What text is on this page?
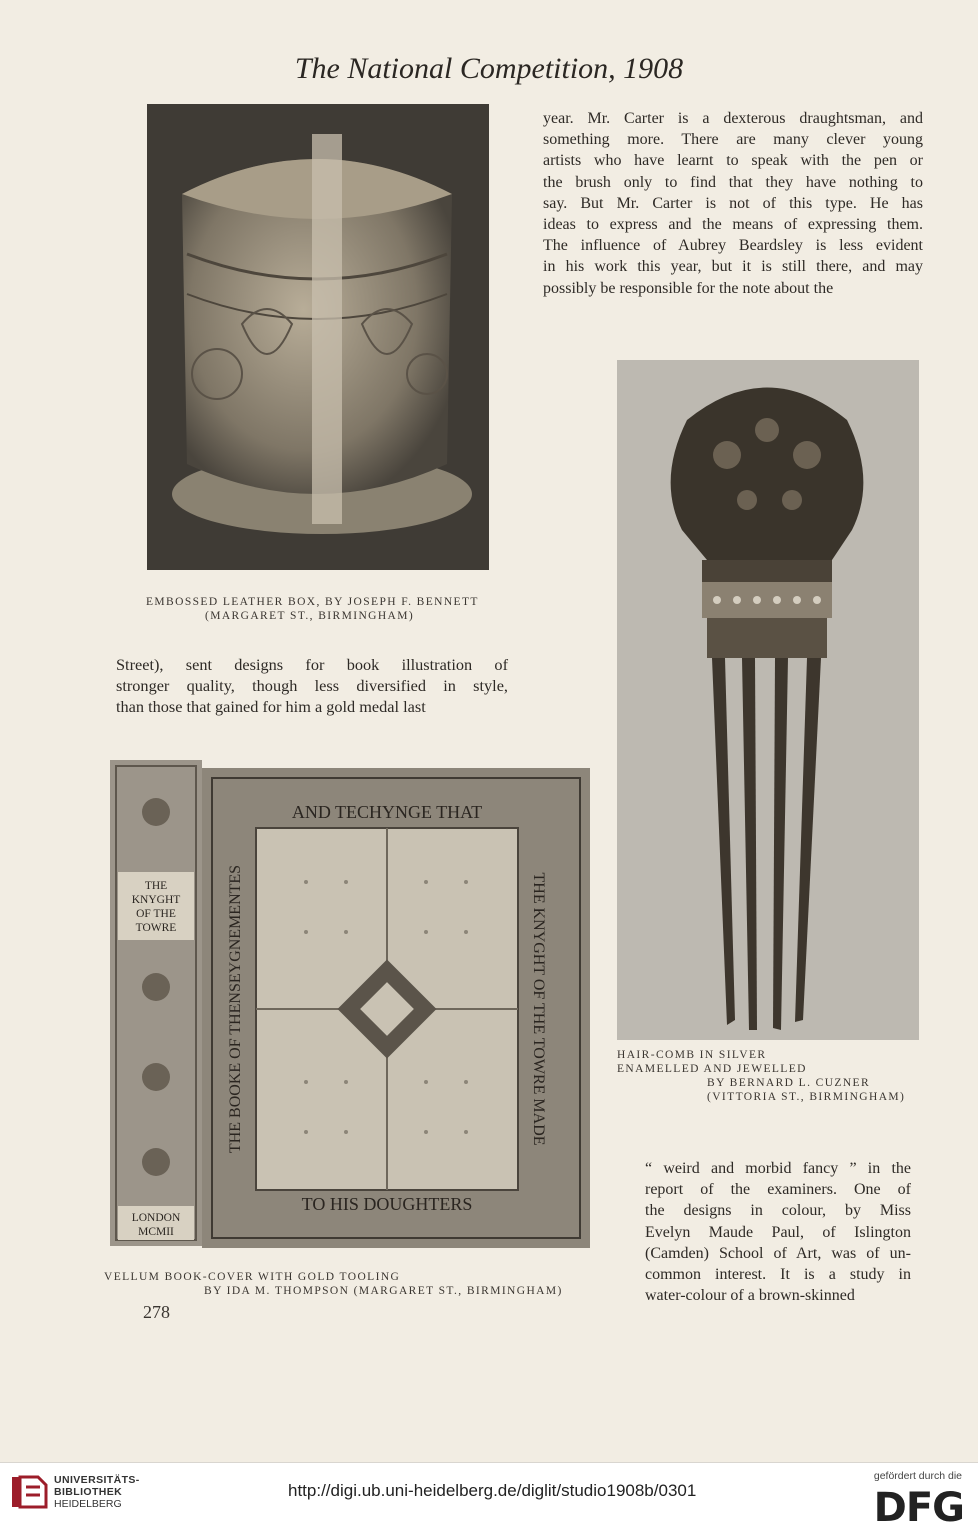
The National Competition, 1908
EMBOSSED LEATHER BOX, BY JOSEPH F. BENNETT
(MARGARET ST., BIRMINGHAM)
year. Mr. Carter is a dexterous draughtsman, and
something more. There are many clever young
artists who have learnt to speak with the pen or
the brush only to find that they have nothing to
say. But Mr. Carter is not of this type. He has
ideas to express and the means of expressing them.
The influence of Aubrey Beardsley is less evident
in his work this year, but it is still there, and may
possibly be responsible for the note about the
Street), sent designs for book illustration of
stronger quality, though less diversified in style,
than those that gained for him a gold medal last
AND TECHYNGE THAT
TO HIS DOUGHTERS
THE BOOKE OF THENSEYGNEMENTES	THE KNYGHT OF THE TOWRE MADE
THE
KNYGHT
OF THE
TOWRE
LONDON
MCMII
HAIR-COMB IN SILVER
ENAMELLED AND JEWELLED
BY BERNARD L. CUZNER
(VITTORIA ST., BIRMINGHAM)
“ weird and morbid fancy ” in the
report of the examiners. One of
the designs in colour, by Miss
Evelyn Maude Paul, of Islington
(Camden) School of Art, was of un-
common interest. It is a study in
water-colour of a brown-skinned
VELLUM BOOK-COVER WITH GOLD TOOLING
BY IDA M. THOMPSON (MARGARET ST., BIRMINGHAM)
278
UNIVERSITÄTS-
BIBLIOTHEK
HEIDELBERG
http://digi.ub.uni-heidelberg.de/diglit/studio1908b/0301
gefördert durch die
DFG
